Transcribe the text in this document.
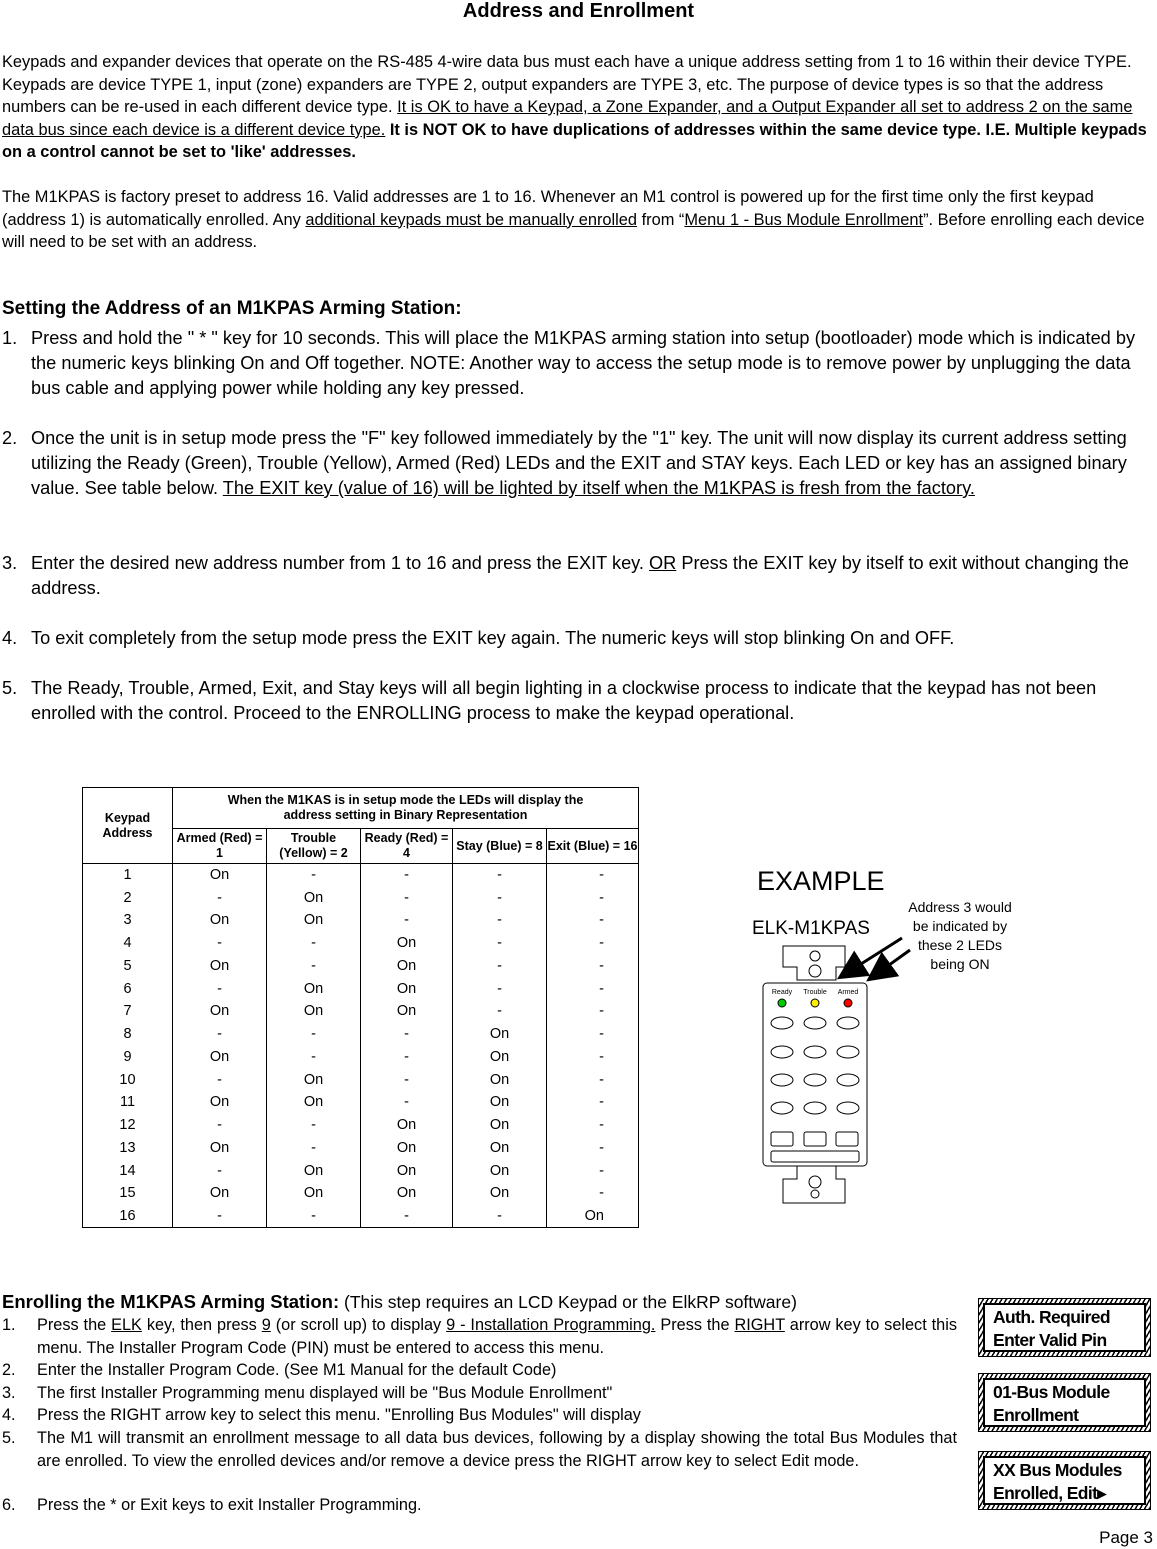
Address and Enrollment
Keypads and expander devices that operate on the RS-485 4-wire data bus must each have a unique address setting from 1 to 16 within their device TYPE. Keypads are device TYPE 1, input (zone) expanders are TYPE 2, output expanders are TYPE 3, etc. The purpose of device types is so that the address numbers can be re-used in each different device type. It is OK to have a Keypad, a Zone Expander, and a Output Expander all set to address 2 on the same data bus since each device is a different device type. It is NOT OK to have duplications of addresses within the same device type. I.E. Multiple keypads on a control cannot be set to 'like' addresses.
The M1KPAS is factory preset to address 16. Valid addresses are 1 to 16. Whenever an M1 control is powered up for the first time only the first keypad (address 1) is automatically enrolled. Any additional keypads must be manually enrolled from “Menu 1 - Bus Module Enrollment”. Before enrolling each device will need to be set with an address.
Setting the Address of an M1KPAS Arming Station:
1. Press and hold the " * " key for 10 seconds. This will place the M1KPAS arming station into setup (bootloader) mode which is indicated by the numeric keys blinking On and Off together. NOTE: Another way to access the setup mode is to remove power by unplugging the data bus cable and applying power while holding any key pressed.
2. Once the unit is in setup mode press the "F" key followed immediately by the "1" key. The unit will now display its current address setting utilizing the Ready (Green), Trouble (Yellow), Armed (Red) LEDs and the EXIT and STAY keys. Each LED or key has an assigned binary value. See table below. The EXIT key (value of 16) will be lighted by itself when the M1KPAS is fresh from the factory.
3. Enter the desired new address number from 1 to 16 and press the EXIT key. OR Press the EXIT key by itself to exit without changing the address.
4. To exit completely from the setup mode press the EXIT key again. The numeric keys will stop blinking On and OFF.
5. The Ready, Trouble, Armed, Exit, and Stay keys will all begin lighting in a clockwise process to indicate that the keypad has not been enrolled with the control. Proceed to the ENROLLING process to make the keypad operational.
Keypad Address	When the M1KAS is in setup mode the LEDs will display the address setting in Binary Representation				
	Armed (Red) = 1	Trouble (Yellow) = 2	Ready (Red) = 4	Stay (Blue) = 8	Exit (Blue) = 16
1	On	-	-	-	-
2	-	On	-	-	-
3	On	On	-	-	-
4	-	-	On	-	-
5	On	-	On	-	-
6	-	On	On	-	-
7	On	On	On	-	-
8	-	-	-	On	-
9	On	-	-	On	-
10	-	On	-	On	-
11	On	On	-	On	-
12	-	-	On	On	-
13	On	-	On	On	-
14	-	On	On	On	-
15	On	On	On	On	-
16	-	-	-	-	On
EXAMPLE
ELK-M1KPAS
Address 3 would be indicated by these 2 LEDs being ON
Ready Trouble Armed
Enrolling the M1KPAS Arming Station: (This step requires an LCD Keypad or the ElkRP software)
1. Press the ELK key, then press 9 (or scroll up) to display 9 - Installation Programming. Press the RIGHT arrow key to select this menu. The Installer Program Code (PIN) must be entered to access this menu.
2. Enter the Installer Program Code. (See M1 Manual for the default Code)
3. The first Installer Programming menu displayed will be "Bus Module Enrollment"
4. Press the RIGHT arrow key to select this menu. "Enrolling Bus Modules" will display
5. The M1 will transmit an enrollment message to all data bus devices, following by a display showing the total Bus Modules that are enrolled. To view the enrolled devices and/or remove a device press the RIGHT arrow key to select Edit mode.
6. Press the * or Exit keys to exit Installer Programming.
Auth. Required
Enter Valid Pin
01-Bus Module
Enrollment
XX Bus Modules
Enrolled, Edit▸
Page 3
